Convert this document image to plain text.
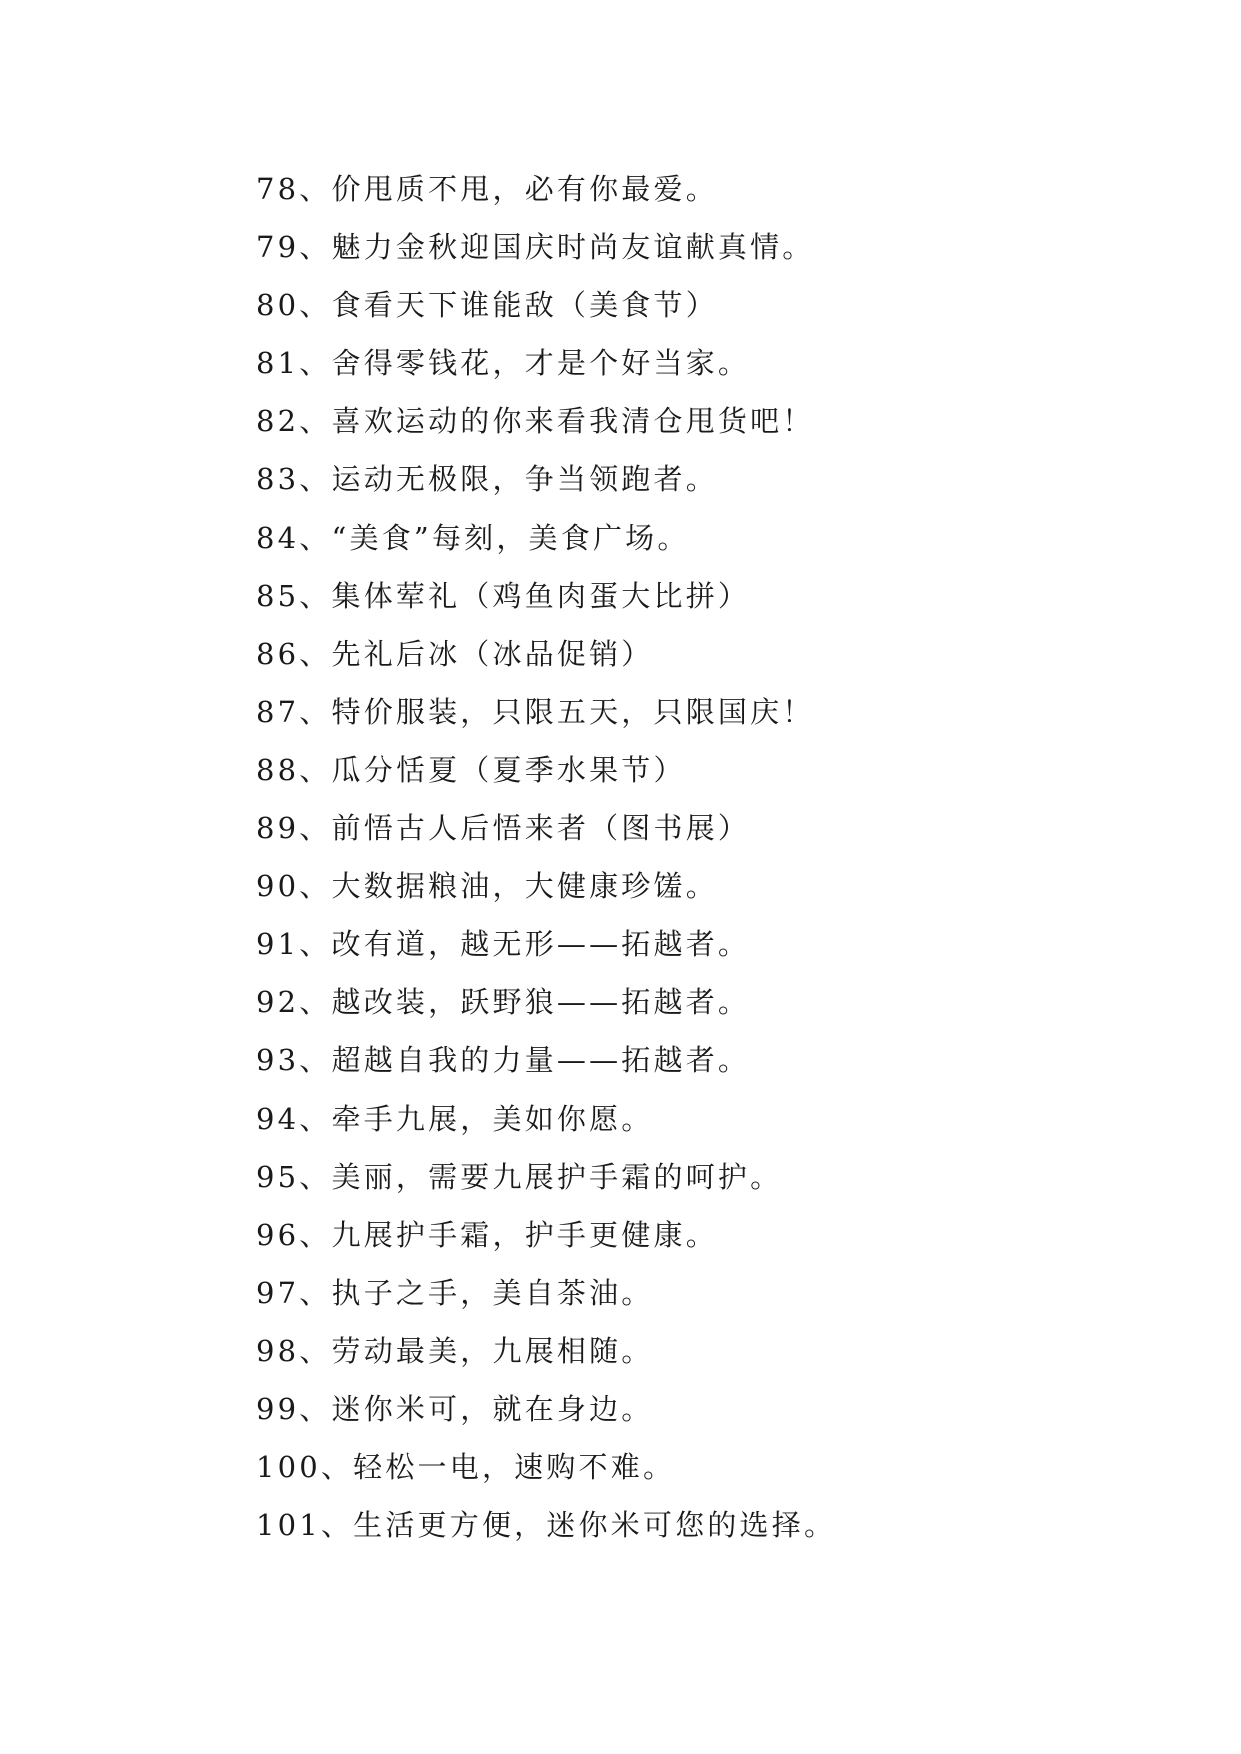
78、价甩质不甩，必有你最爱。
79、魅力金秋迎国庆时尚友谊献真情。
80、食看天下谁能敌（美食节）
81、舍得零钱花，才是个好当家。
82、喜欢运动的你来看我清仓甩货吧！
83、运动无极限，争当领跑者。
84、“美食”每刻，美食广场。
85、集体荤礼（鸡鱼肉蛋大比拼）
86、先礼后冰（冰品促销）
87、特价服装，只限五天，只限国庆！
88、瓜分恬夏（夏季水果节）
89、前悟古人后悟来者（图书展）
90、大数据粮油，大健康珍馐。
91、改有道，越无形——拓越者。
92、越改装，跃野狼——拓越者。
93、超越自我的力量——拓越者。
94、牵手九展，美如你愿。
95、美丽，需要九展护手霜的呵护。
96、九展护手霜，护手更健康。
97、执子之手，美自茶油。
98、劳动最美，九展相随。
99、迷你米可，就在身边。
100、轻松一电，速购不难。
101、生活更方便，迷你米可您的选择。
